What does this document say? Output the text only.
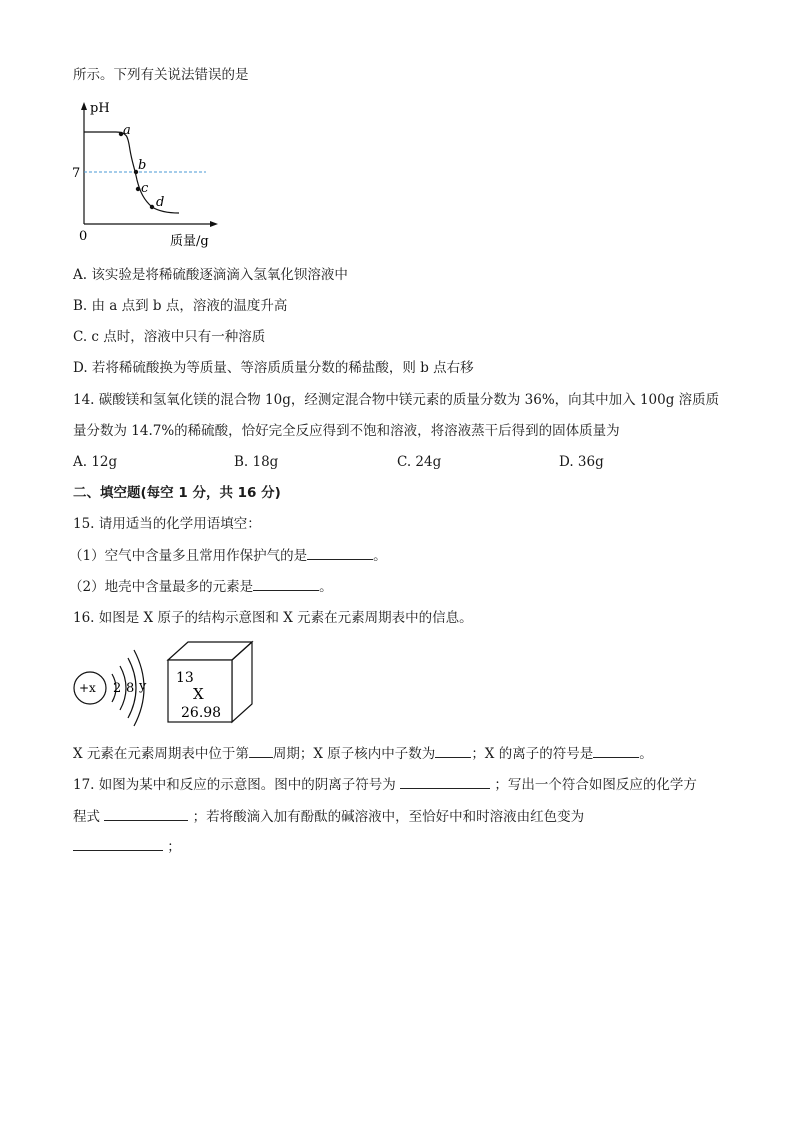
所示。下列有关说法错误的是
pH
7
0
a
b
c
d
质量/g
A. 该实验是将稀硫酸逐滴滴入氢氧化钡溶液中
B. 由 a 点到 b 点，溶液的温度升高
C. c 点时，溶液中只有一种溶质
D. 若将稀硫酸换为等质量、等溶质质量分数的稀盐酸，则 b 点右移
14. 碳酸镁和氢氧化镁的混合物 10g，经测定混合物中镁元素的质量分数为 36%，向其中加入 100g 溶质质
量分数为 14.7%的稀硫酸，恰好完全反应得到不饱和溶液，将溶液蒸干后得到的固体质量为
A. 12g	B. 18g	C. 24g	D. 36g
二、填空题(每空 1 分，共 16 分)
15. 请用适当的化学用语填空：
（1）空气中含量多且常用作保护气的是	。
（2）地壳中含量最多的元素是	。
16. 如图是 X 原子的结构示意图和 X 元素在元素周期表中的信息。
+x 2 8 y
13
X
26.98
X 元素在元素周期表中位于第 周期；X 原子核内中子数为	；X 的离子的符号是	。
17. 如图为某中和反应的示意图。图中的阴离子符号为	；写出一个符合如图反应的化学方
程式	；若将酸滴入加有酚酞的碱溶液中，至恰好中和时溶液由红色变为
；
